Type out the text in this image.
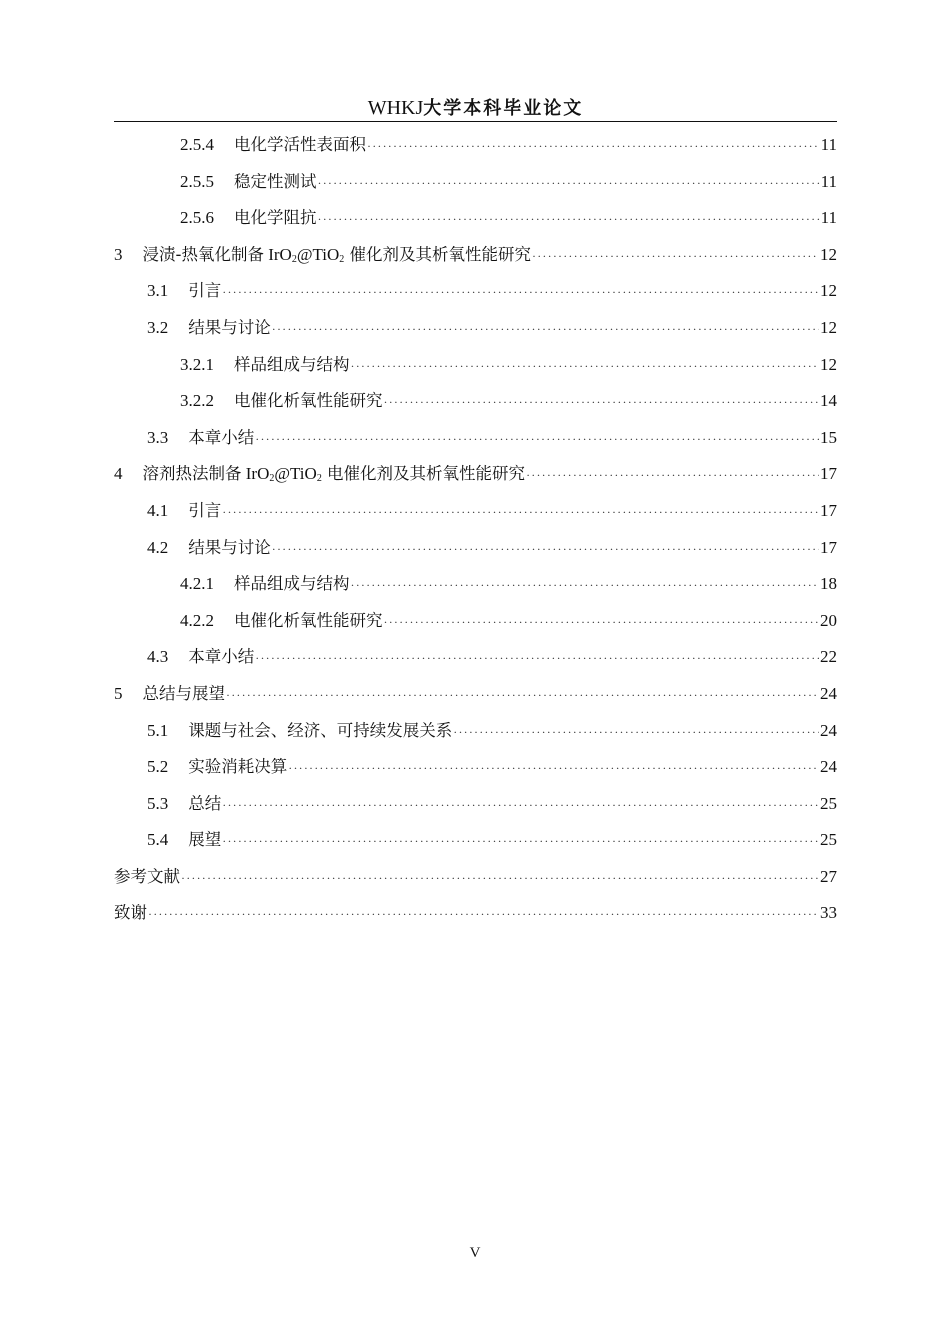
WHKJ大学本科毕业论文
2.5.4 电化学活性表面积 ·····	11
2.5.5 稳定性测试 ·····	11
2.5.6 电化学阻抗 ·····	11
3 浸渍-热氧化制备 IrO$_2$@TiO$_2$ 催化剂及其析氧性能研究 ·····	12
3.1 引言 ·····	12
3.2 结果与讨论 ·····	12
3.2.1 样品组成与结构 ·····	12
3.2.2 电催化析氧性能研究 ·····	14
3.3 本章小结 ·····	15
4 溶剂热法制备 IrO$_2$@TiO$_2$ 电催化剂及其析氧性能研究 ·····	17
4.1 引言 ·····	17
4.2 结果与讨论 ·····	17
4.2.1 样品组成与结构 ·····	18
4.2.2 电催化析氧性能研究 ·····	20
4.3 本章小结 ·····	22
5 总结与展望 ·····	24
5.1 课题与社会、经济、可持续发展关系 ·····	24
5.2 实验消耗决算 ·····	24
5.3 总结 ·····	25
5.4 展望 ·····	25
参考文献 ·····	27
致谢 ·····	33
V
